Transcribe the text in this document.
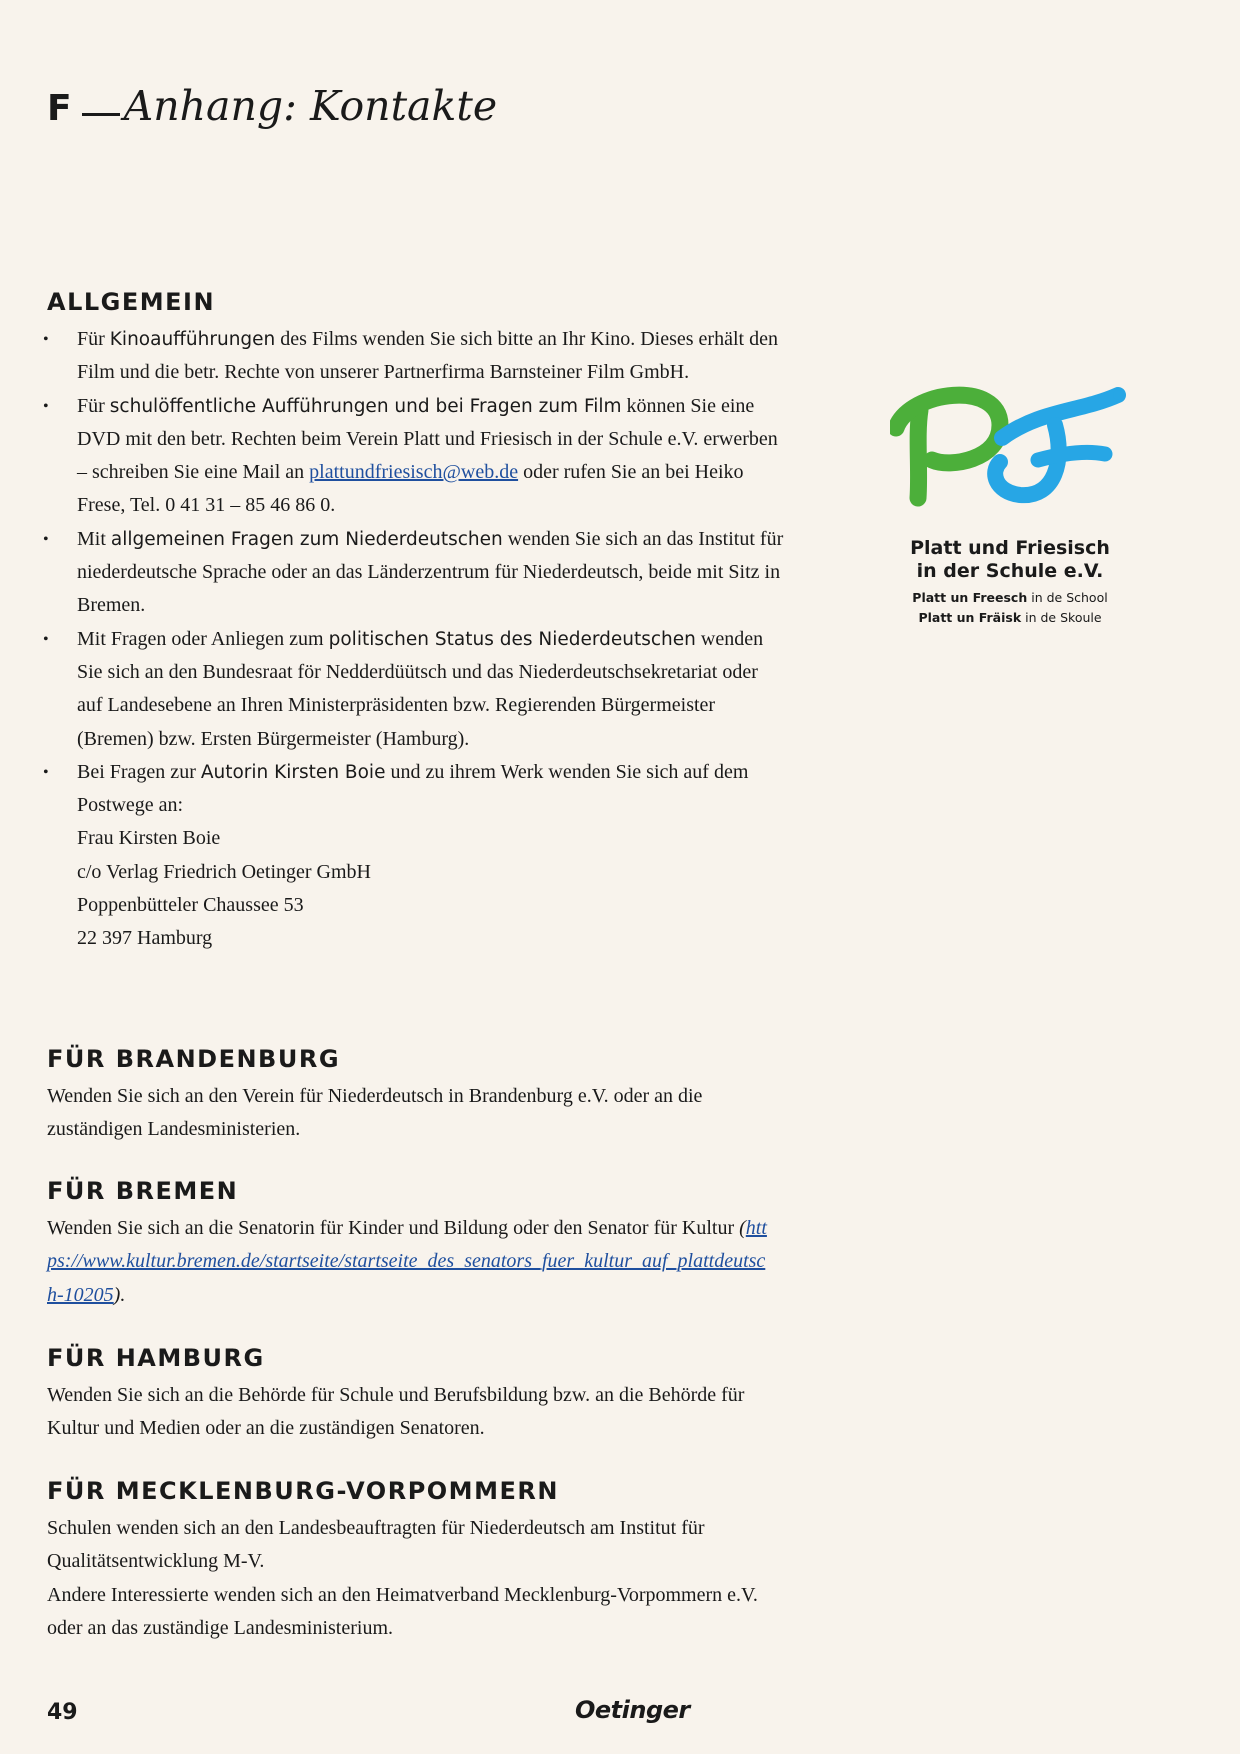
F Anhang: Kontakte
ALLGEMEIN
• Für Kinoaufführungen des Films wenden Sie sich bitte an Ihr Kino. Dieses erhält den Film und die betr. Rechte von unserer Partnerfirma Barnsteiner Film GmbH.
• Für schulöffentliche Aufführungen und bei Fragen zum Film können Sie eine DVD mit den betr. Rechten beim Verein Platt und Friesisch in der Schule e.V. erwerben – schreiben Sie eine Mail an plattundfriesisch@web.de oder rufen Sie an bei Heiko Frese, Tel. 0 41 31 – 85 46 86 0.
• Mit allgemeinen Fragen zum Niederdeutschen wenden Sie sich an das Institut für niederdeutsche Sprache oder an das Länderzentrum für Niederdeutsch, beide mit Sitz in Bremen.
• Mit Fragen oder Anliegen zum politischen Status des Niederdeutschen wenden Sie sich an den Bundesraat för Nedderdüütsch und das Niederdeutschsekretariat oder auf Landesebene an Ihren Ministerpräsidenten bzw. Regierenden Bürgermeister (Bremen) bzw. Ersten Bürgermeister (Hamburg).
• Bei Fragen zur Autorin Kirsten Boie und zu ihrem Werk wenden Sie sich auf dem Postwege an:
Frau Kirsten Boie
c/o Verlag Friedrich Oetinger GmbH
Poppenbütteler Chaussee 53
22 397 Hamburg
Platt und Friesisch
in der Schule e.V.
Platt un Freesch in de School
Platt un Fräisk in de Skoule
FÜR BRANDENBURG

Wenden Sie sich an den Verein für Niederdeutsch in Brandenburg e.V. oder an die zuständigen Landesministerien.

FÜR BREMEN

Wenden Sie sich an die Senatorin für Kinder und Bildung oder den Senator für Kultur (https://www.kultur.bremen.de/startseite/startseite_des_senators_fuer_kultur_auf_plattdeutsch-10205).

FÜR HAMBURG

Wenden Sie sich an die Behörde für Schule und Berufsbildung bzw. an die Behörde für Kultur und Medien oder an die zuständigen Senatoren.

FÜR MECKLENBURG-VORPOMMERN

Schulen wenden sich an den Landesbeauftragten für Niederdeutsch am Institut für Qualitätsentwicklung M-V.

Andere Interessierte wenden sich an den Heimatverband Mecklenburg-Vorpommern e.V. oder an das zuständige Landesministerium.

49	Oetinger
